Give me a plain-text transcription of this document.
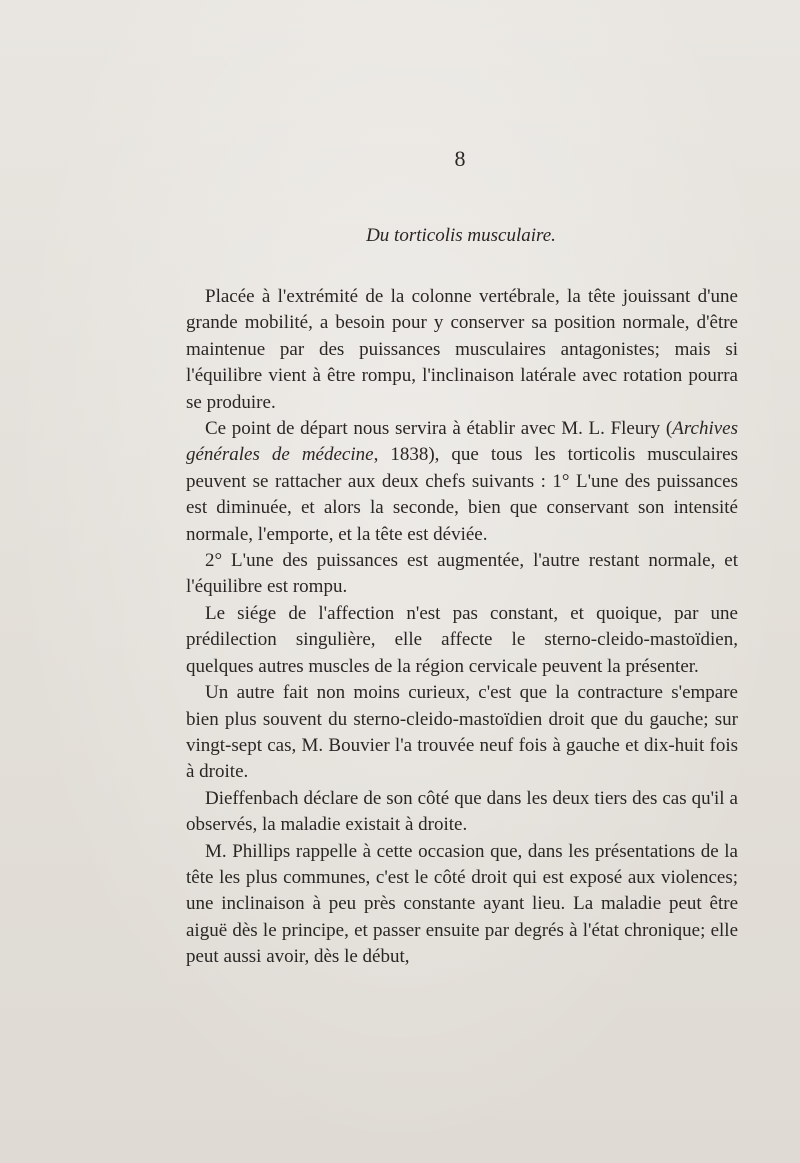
8
Du torticolis musculaire.

Placée à l'extrémité de la colonne vertébrale, la tête jouissant d'une grande mobilité, a besoin pour y conserver sa position normale, d'être maintenue par des puissances musculaires antagonistes; mais si l'équilibre vient à être rompu, l'inclinaison latérale avec rotation pourra se produire.

Ce point de départ nous servira à établir avec M. L. Fleury (Archives générales de médecine, 1838), que tous les torticolis musculaires peuvent se rattacher aux deux chefs suivants : 1° L'une des puissances est diminuée, et alors la seconde, bien que conservant son intensité normale, l'emporte, et la tête est déviée.

2° L'une des puissances est augmentée, l'autre restant normale, et l'équilibre est rompu.

Le siége de l'affection n'est pas constant, et quoique, par une prédilection singulière, elle affecte le sterno-cleido-mastoïdien, quelques autres muscles de la région cervicale peuvent la présenter.

Un autre fait non moins curieux, c'est que la contracture s'empare bien plus souvent du sterno-cleido-mastoïdien droit que du gauche; sur vingt-sept cas, M. Bouvier l'a trouvée neuf fois à gauche et dix-huit fois à droite.

Dieffenbach déclare de son côté que dans les deux tiers des cas qu'il a observés, la maladie existait à droite.

M. Phillips rappelle à cette occasion que, dans les présentations de la tête les plus communes, c'est le côté droit qui est exposé aux violences; une inclinaison à peu près constante ayant lieu. La maladie peut être aiguë dès le principe, et passer ensuite par degrés à l'état chronique; elle peut aussi avoir, dès le début,
